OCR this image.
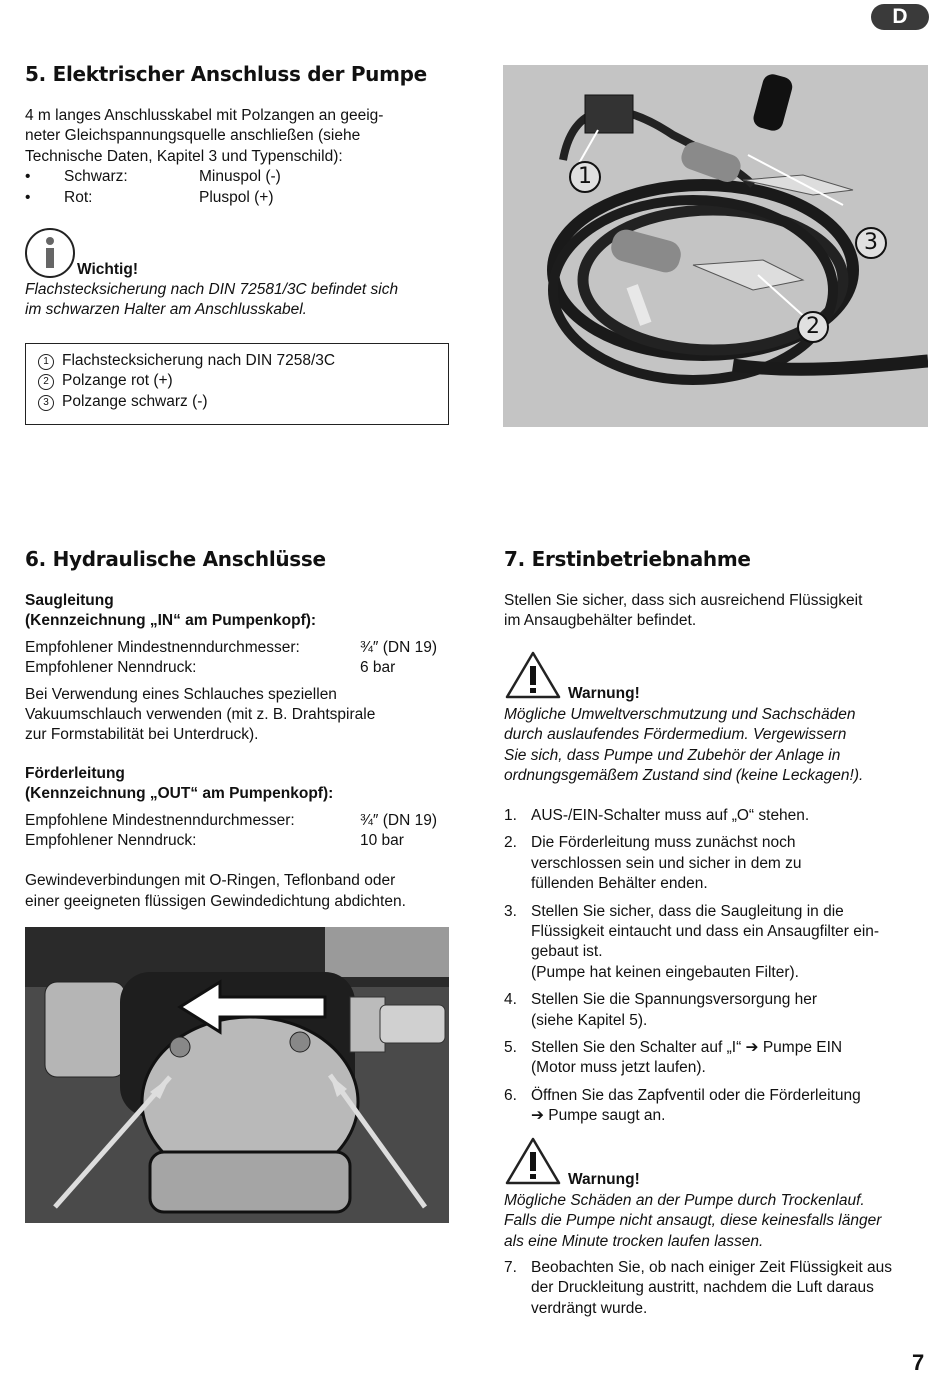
D
5. Elektrischer Anschluss der Pumpe

4 m langes Anschlusskabel mit Polzangen an geeig-

neter Gleichspannungsquelle anschließen (siehe

Technische Daten, Kapitel 3 und Typenschild):

•	Schwarz:	Minuspol (-)
•	Rot:	Pluspol (+)
Wichtig!

Flachstecksicherung nach DIN 72581/3C befindet sich

im schwarzen Halter am Anschlusskabel.

1 Flachstecksicherung nach DIN 7258/3C

2 Polzange rot (+)

3 Polzange schwarz (-)

1
2
3
6. Hydraulische Anschlüsse

Saugleitung

(Kennzeichnung „IN“ am Pumpenkopf):

Empfohlener Mindestnenndurchmesser:	¾″ (DN 19)
Empfohlener Nenndruck:	6 bar

Bei Verwendung eines Schlauches speziellen

Vakuumschlauch verwenden (mit z. B. Drahtspirale

zur Formstabilität bei Unterdruck).

Förderleitung

(Kennzeichnung „OUT“ am Pumpenkopf):

Empfohlene Mindestnenndurchmesser:	¾″ (DN 19)
Empfohlener Nenndruck:	10 bar

Gewindeverbindungen mit O-Ringen, Teflonband oder

einer geeigneten flüssigen Gewindedichtung abdichten.

7. Erstinbetriebnahme

Stellen Sie sicher, dass sich ausreichend Flüssigkeit

im Ansaugbehälter befindet.

Warnung!

Mögliche Umweltverschmutzung und Sachschäden

durch auslaufendes Fördermedium. Vergewissern

Sie sich, dass Pumpe und Zubehör der Anlage in

ordnungsgemäßem Zustand sind (keine Leckagen!).

1. AUS-/EIN-Schalter muss auf „O“ stehen.
2. Die Förderleitung muss zunächst noch
verschlossen sein und sicher in dem zu
füllenden Behälter enden.
3. Stellen Sie sicher, dass die Saugleitung in die
Flüssigkeit eintaucht und dass ein Ansaugfilter ein-
gebaut ist.
(Pumpe hat keinen eingebauten Filter).
4. Stellen Sie die Spannungsversorgung her
(siehe Kapitel 5).
5. Stellen Sie den Schalter auf „I“ ➔ Pumpe EIN
(Motor muss jetzt laufen).
6. Öffnen Sie das Zapfventil oder die Förderleitung
➔ Pumpe saugt an.
Warnung!

Mögliche Schäden an der Pumpe durch Trockenlauf.

Falls die Pumpe nicht ansaugt, diese keinesfalls länger

als eine Minute trocken laufen lassen.

7. Beobachten Sie, ob nach einiger Zeit Flüssigkeit aus
der Druckleitung austritt, nachdem die Luft daraus
verdrängt wurde.
7
